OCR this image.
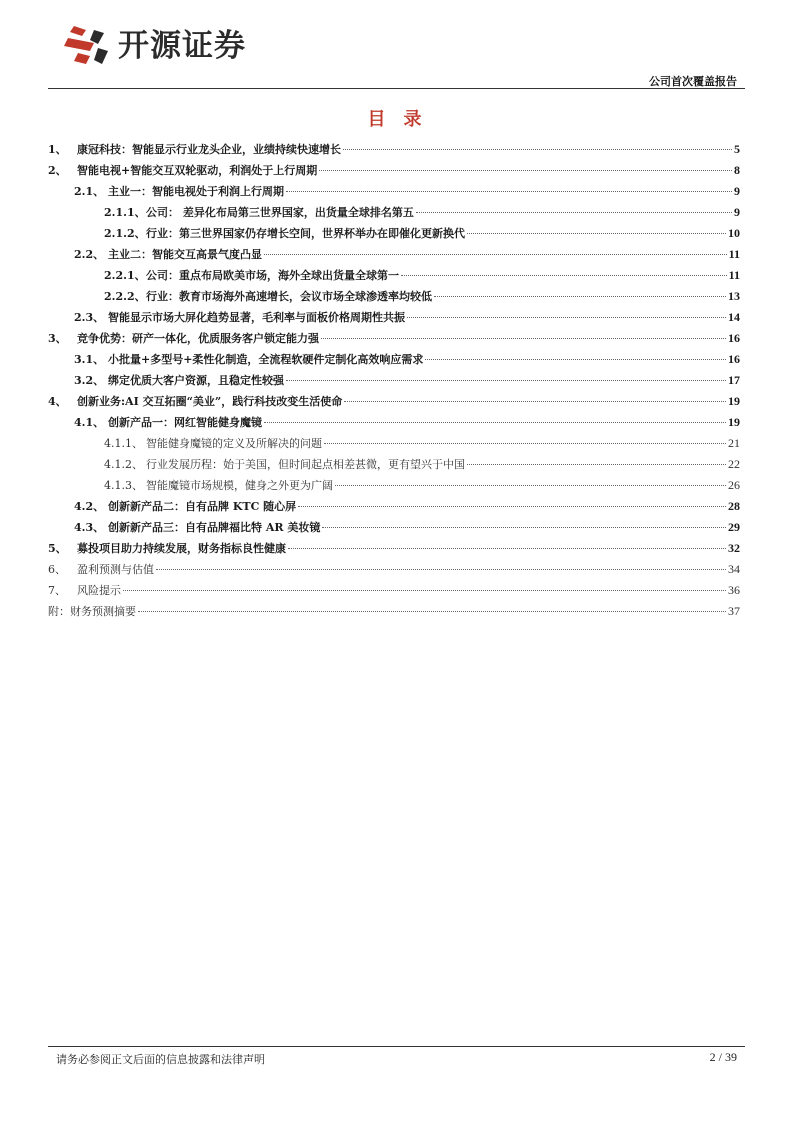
开源证券
公司首次覆盖报告
目录
1、 康冠科技：智能显示行业龙头企业，业绩持续快速增长	5
2、 智能电视+智能交互双轮驱动，利润处于上行周期	8
2.1、 主业一：智能电视处于利润上行周期	9
2.1.1、 公司： 差异化布局第三世界国家，出货量全球排名第五	9
2.1.2、 行业：第三世界国家仍存增长空间，世界杯举办在即催化更新换代	10
2.2、 主业二：智能交互高景气度凸显	11
2.2.1、 公司：重点布局欧美市场，海外全球出货量全球第一	11
2.2.2、 行业：教育市场海外高速增长，会议市场全球渗透率均较低	13
2.3、 智能显示市场大屏化趋势显著，毛利率与面板价格周期性共振	14
3、 竞争优势：研产一体化，优质服务客户锁定能力强	16
3.1、 小批量+多型号+柔性化制造，全流程软硬件定制化高效响应需求	16
3.2、 绑定优质大客户资源，且稳定性较强	17
4、 创新业务:AI 交互拓圈“美业”，践行科技改变生活使命	19
4.1、 创新产品一：网红智能健身魔镜	19
4.1.1、 智能健身魔镜的定义及所解决的问题	21
4.1.2、 行业发展历程：始于美国，但时间起点相差甚微，更有望兴于中国	22
4.1.3、 智能魔镜市场规模，健身之外更为广阔	26
4.2、 创新新产品二：自有品牌 KTC 随心屏	28
4.3、 创新新产品三：自有品牌福比特 AR 美妆镜	29
5、 募投项目助力持续发展，财务指标良性健康	32
6、	盈利预测与估值	34
7、	风险提示	36
附：财务预测摘要	37
请务必参阅正文后面的信息披露和法律声明	2 / 39
